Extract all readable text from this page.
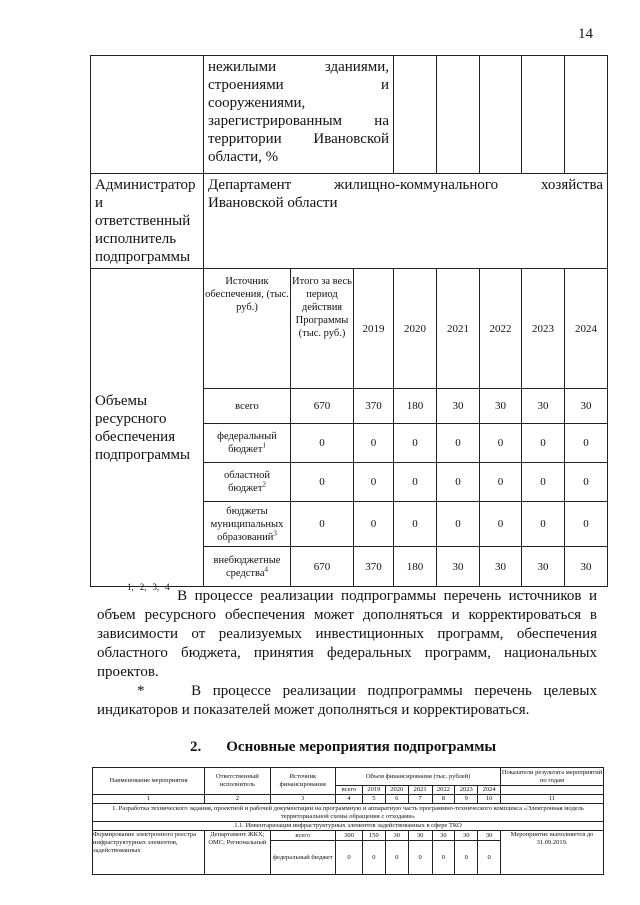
14
	нежилыми зданиями, строениями и сооружениями, зарегистрированным на территории Ивановской области, %								
Администратор и ответственный исполнитель подпрограммы	Департамент жилищно-коммунального хозяйства Ивановской области								
Объемы ресурсного обеспечения подпрограммы	Источник обеспечения, (тыс. руб.)	Итого за весь период действия Программы (тыс. руб.)	2019	2020	2021	2022	2023	2024	
	всего	670	370	180	30	30	30	30	
	федеральный бюджет$^1$	0	0	0	0	0	0	0	
	областной бюджет$^2$	0	0	0	0	0	0	0	
	бюджеты муниципальных образований$^3$	0	0	0	0	0	0	0	
	внебюджетные средства$^4$	670	370	180	30	30	30	30	
$^{1, 2, 3, 4}$ В процессе реализации подпрограммы перечень источников и объем ресурсного обеспечения может дополняться и корректироваться в зависимости от реализуемых инвестиционных программ, обеспечения областного бюджета, принятия федеральных программ, национальных проектов.
*	В процессе реализации подпрограммы перечень целевых индикаторов и показателей может дополняться и корректироваться.
2. Основные мероприятия подпрограммы
Наименование мероприятия	Ответственный исполнитель	Источник финансирования	Объем финансирования (тыс. рублей)							Показатели результата мероприятий по годам
			всего	2019	2020	2021	2022	2023	2024	
1	2	3	4	5	6	7	8	9	10	11
1. Разработка технического задания, проектной и рабочей документации на программную и аппаратную часть программно-технического комплекса «Электронная модель территориальной схемы обращения с отходами»										
1.1. Инвентаризация инфраструктурных элементов задействованных в сфере ТКО										
Формирование электронного реестра инфраструктурных элементов, задействованных	Департамент ЖКХ; ОМС; Региональный	всего	300	150	30	30	30	30	30	Мероприятие выполняется до 31.09.2019.
		федеральный бюджет	0	0	0	0	0	0	0	
